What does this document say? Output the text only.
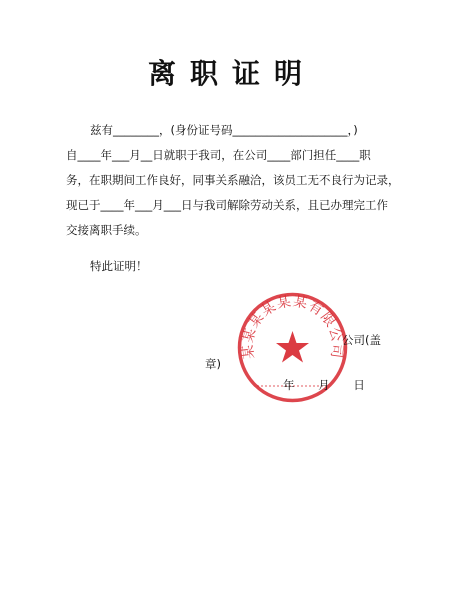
离职证明
兹有________，(身份证号码____________________，)
自____年___月__日就职于我司，在公司____部门担任____职
务，在职期间工作良好，同事关系融洽，该员工无不良行为记录，
现已于____年___月___日与我司解除劳动关系，且已办理完工作
交接离职手续。
特此证明！
某某某某某某有限公司
公司(盖
章)
年 月 日
